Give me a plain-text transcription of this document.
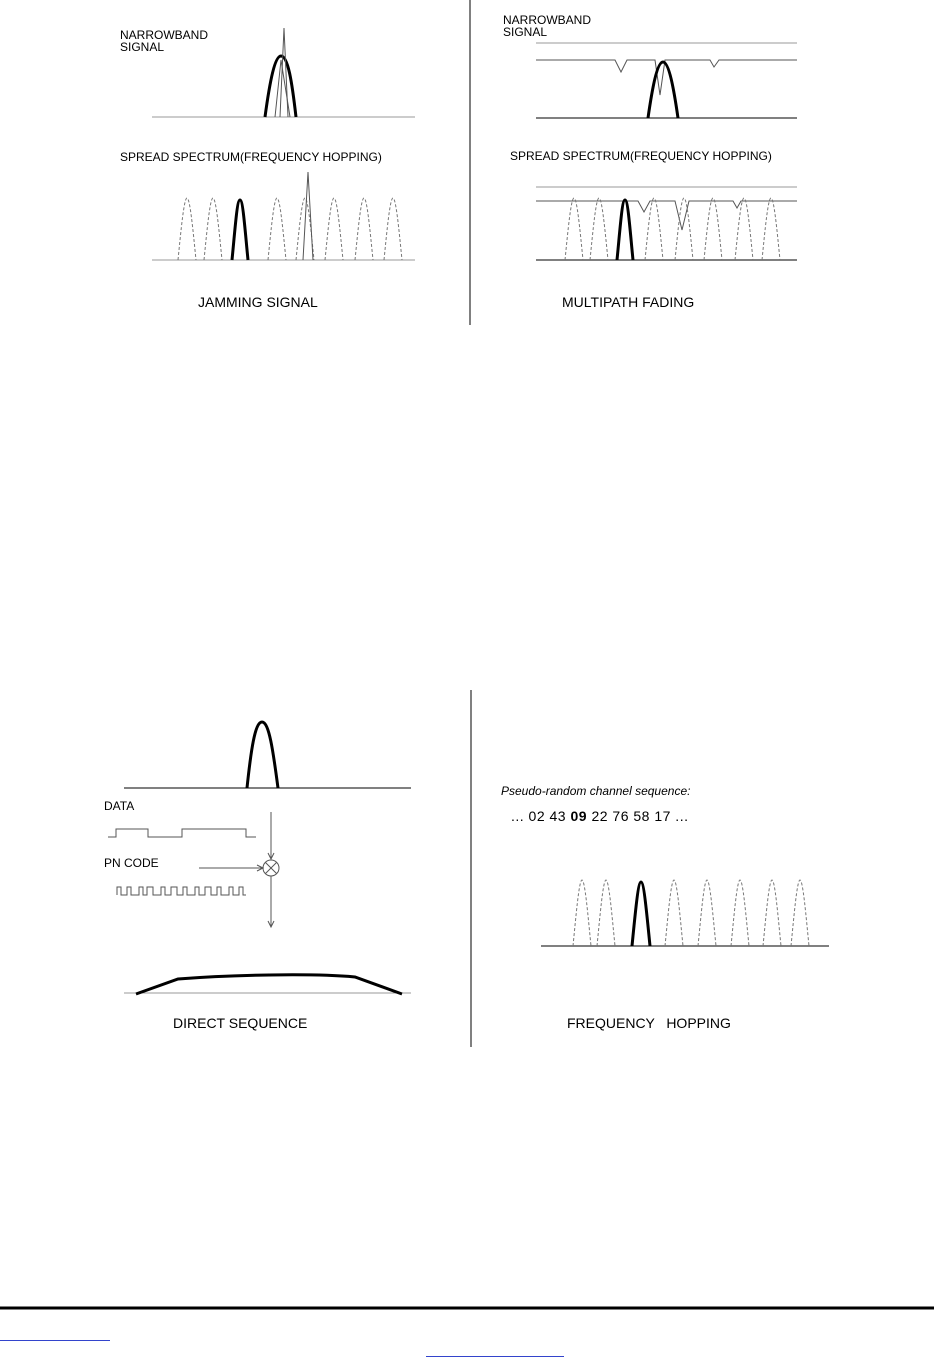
NARROWBAND
SIGNAL
SPREAD SPECTRUM(FREQUENCY HOPPING)
JAMMING SIGNAL
NARROWBAND
SIGNAL
SPREAD SPECTRUM(FREQUENCY HOPPING)
MULTIPATH FADING
DATA
PN CODE
DIRECT SEQUENCE
Pseudo-random channel sequence:
... 02 43 09 22 76 58 17 ...
FREQUENCY   HOPPING
